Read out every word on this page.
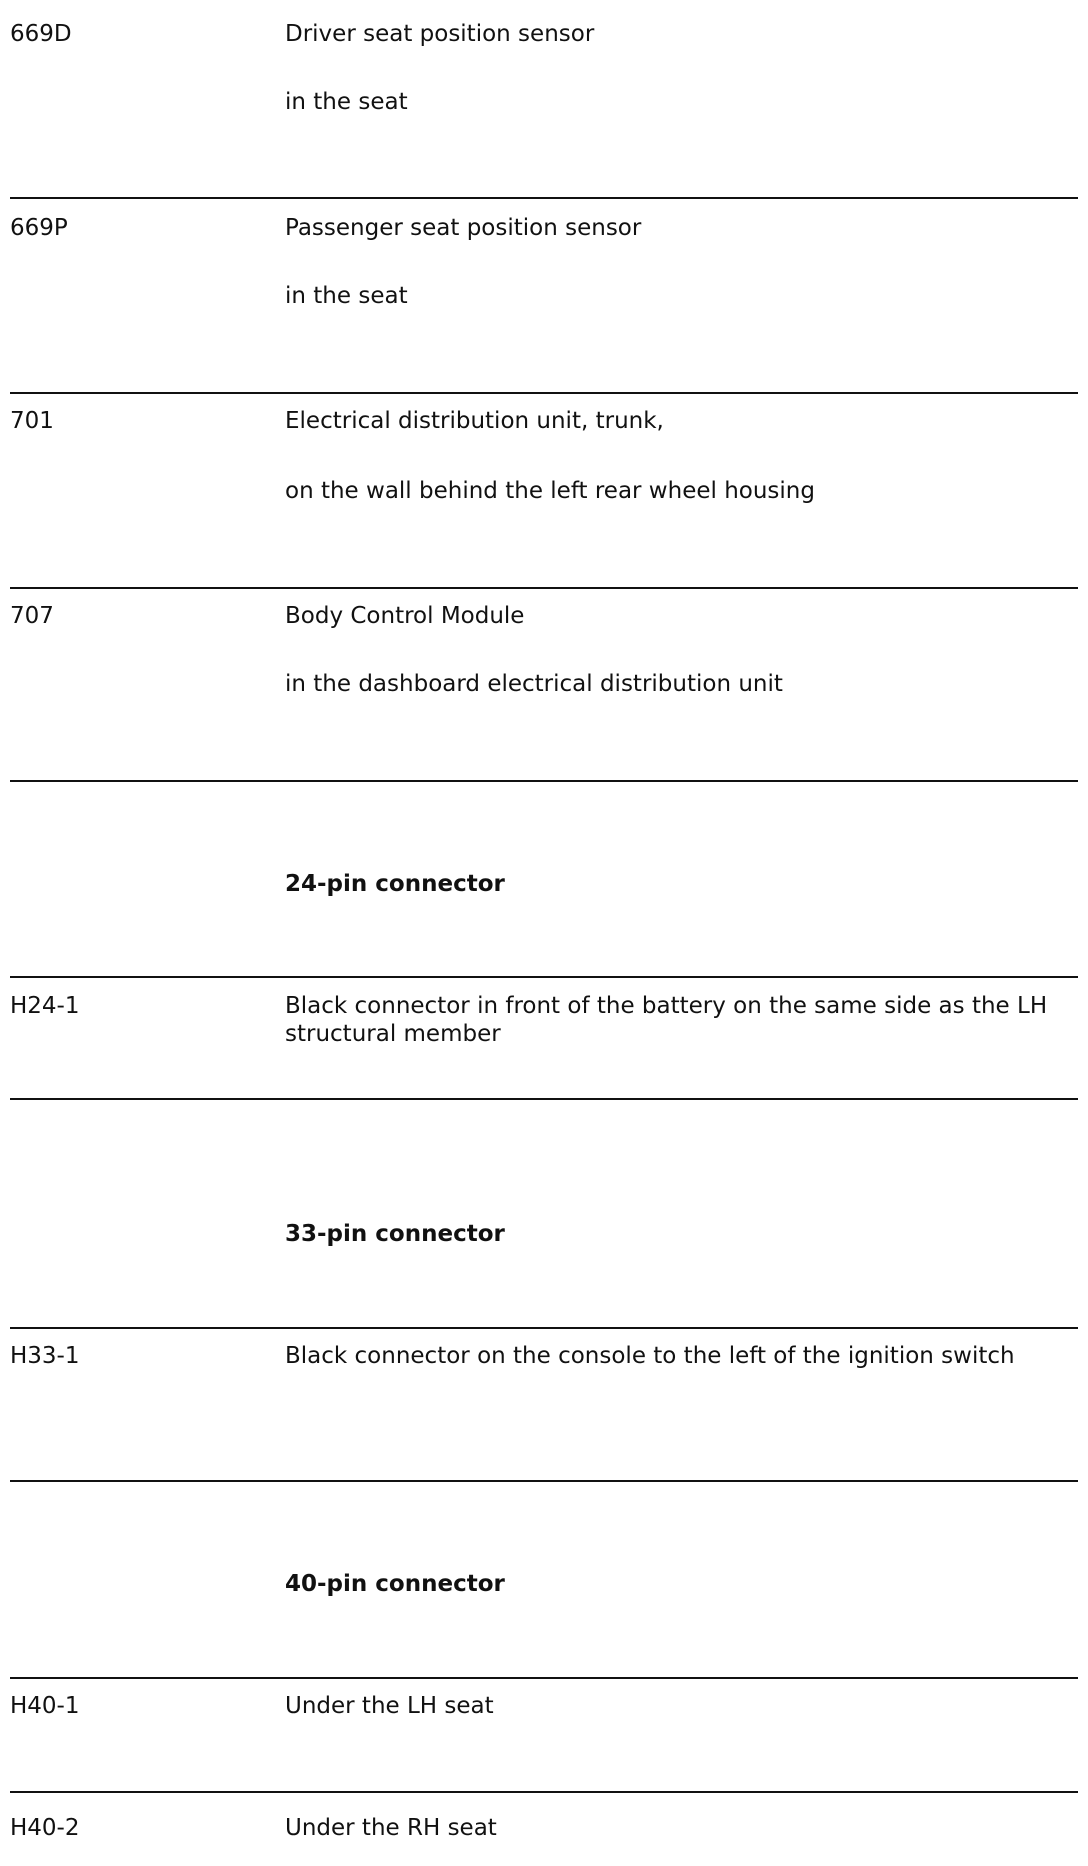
669D	Driver seat position sensor
in the seat
669P	Passenger seat position sensor
in the seat
701	Electrical distribution unit, trunk,
on the wall behind the left rear wheel housing
707	Body Control Module
in the dashboard electrical distribution unit
24-pin connector
H24-1	Black connector in front of the battery on the same side as the LH structural member
33-pin connector
H33-1	Black connector on the console to the left of the ignition switch
40-pin connector
H40-1	Under the LH seat
H40-2	Under the RH seat
